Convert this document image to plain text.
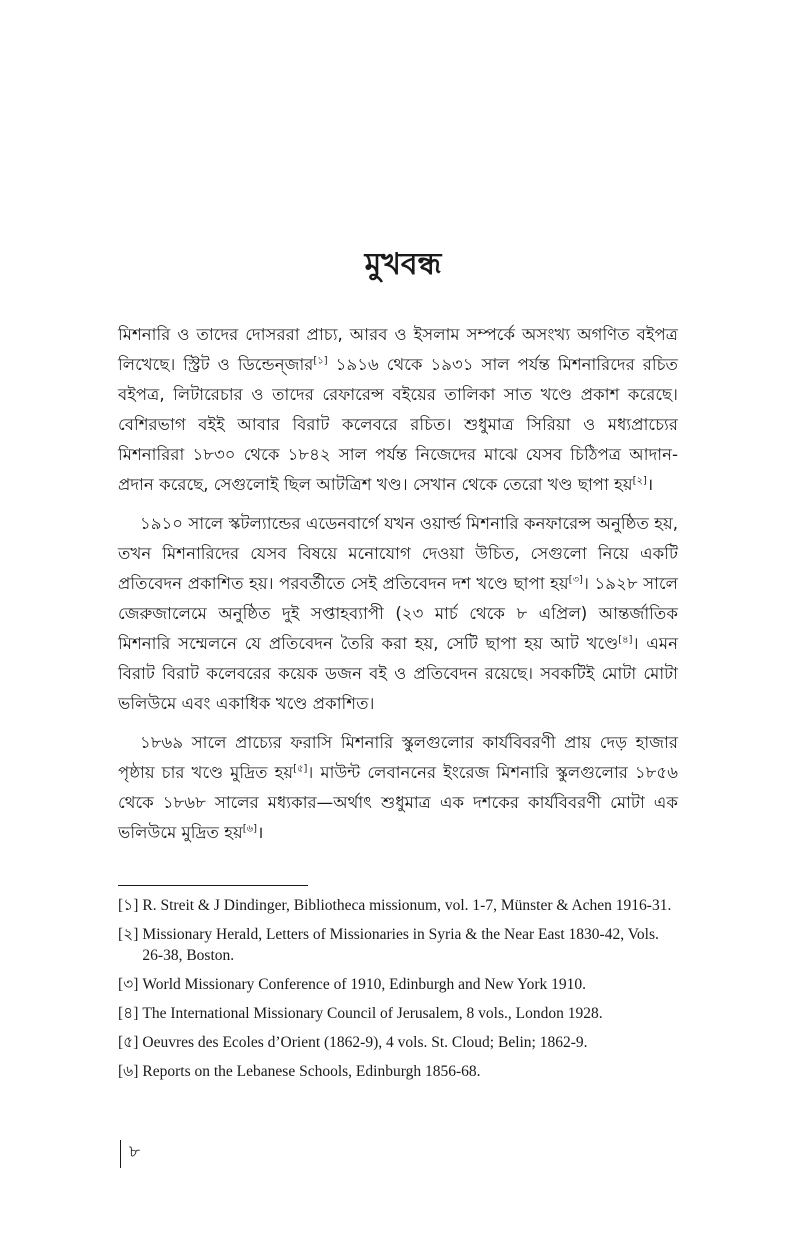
মুখবন্ধ

মিশনারি ও তাদের দোসররা প্রাচ্য, আরব ও ইসলাম সম্পর্কে অসংখ্য অগণিত বইপত্র লিখেছে। স্ট্রিট ও ডিন্ডেন্‌জার[১] ১৯১৬ থেকে ১৯৩১ সাল পর্যন্ত মিশনারিদের রচিত বইপত্র, লিটারেচার ও তাদের রেফারেন্স বইয়ের তালিকা সাত খণ্ডে প্রকাশ করেছে। বেশিরভাগ বইই আবার বিরাট কলেবরে রচিত। শুধুমাত্র সিরিয়া ও মধ্যপ্রাচ্যের মিশনারিরা ১৮৩০ থেকে ১৮৪২ সাল পর্যন্ত নিজেদের মাঝে যেসব চিঠিপত্র আদান-প্রদান করেছে, সেগুলোই ছিল আটত্রিশ খণ্ড। সেখান থেকে তেরো খণ্ড ছাপা হয়[২]।

১৯১০ সালে স্কটল্যান্ডের এডেনবার্গে যখন ওয়ার্ল্ড মিশনারি কনফারেন্স অনুষ্ঠিত হয়, তখন মিশনারিদের যেসব বিষয়ে মনোযোগ দেওয়া উচিত, সেগুলো নিয়ে একটি প্রতিবেদন প্রকাশিত হয়। পরবর্তীতে সেই প্রতিবেদন দশ খণ্ডে ছাপা হয়[৩]। ১৯২৮ সালে জেরুজালেমে অনুষ্ঠিত দুই সপ্তাহব্যাপী (২৩ মার্চ থেকে ৮ এপ্রিল) আন্তর্জাতিক মিশনারি সম্মেলনে যে প্রতিবেদন তৈরি করা হয়, সেটি ছাপা হয় আট খণ্ডে[৪]। এমন বিরাট বিরাট কলেবরের কয়েক ডজন বই ও প্রতিবেদন রয়েছে। সবকটিই মোটা মোটা ভলিউমে এবং একাধিক খণ্ডে প্রকাশিত।

১৮৬৯ সালে প্রাচ্যের ফরাসি মিশনারি স্কুলগুলোর কার্যবিবরণী প্রায় দেড় হাজার পৃষ্ঠায় চার খণ্ডে মুদ্রিত হয়[৫]। মাউন্ট লেবাননের ইংরেজ মিশনারি স্কুলগুলোর ১৮৫৬ থেকে ১৮৬৮ সালের মধ্যকার—অর্থাৎ শুধুমাত্র এক দশকের কার্যবিবরণী মোটা এক ভলিউমে মুদ্রিত হয়[৬]।

[১] R. Streit & J Dindinger, Bibliotheca missionum, vol. 1-7, Münster & Achen 1916-31.
[২] Missionary Herald, Letters of Missionaries in Syria & the Near East 1830-42, Vols. 26-38, Boston.
[৩] World Missionary Conference of 1910, Edinburgh and New York 1910.
[৪] The International Missionary Council of Jerusalem, 8 vols., London 1928.
[৫] Oeuvres des Ecoles d’Orient (1862-9), 4 vols. St. Cloud; Belin; 1862-9.
[৬] Reports on the Lebanese Schools, Edinburgh 1856-68.
৮
